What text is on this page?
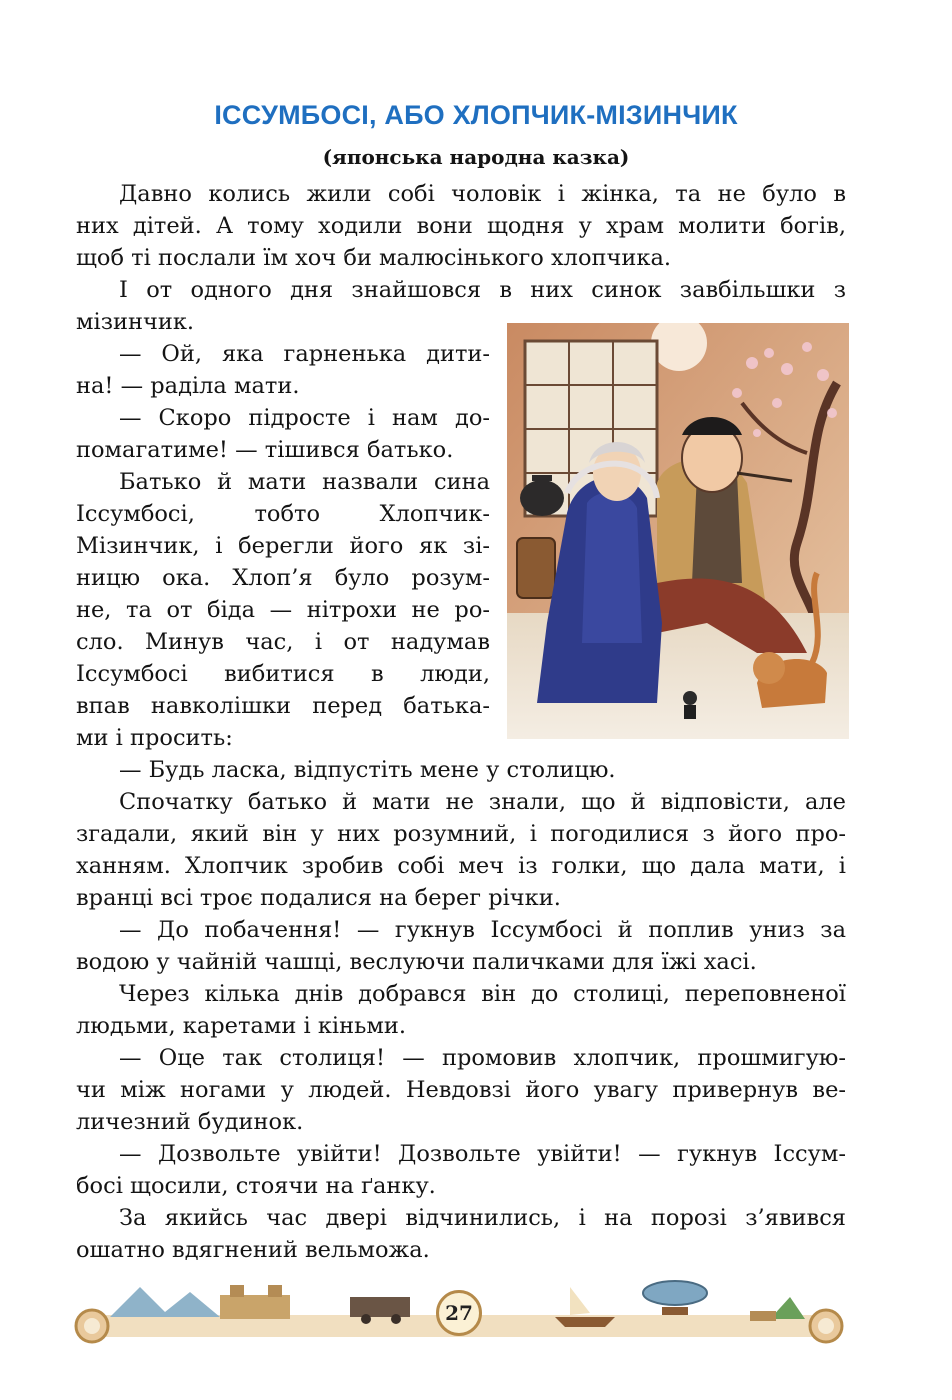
ІССУМБОСІ, АБО ХЛОПЧИК-МІЗИНЧИК
(японська народна казка)
Давно колись жили собі чоловік і жінка, та не було в
них дітей. А тому ходили вони щодня у храм молити богів,
щоб ті послали їм хоч би малюсінького хлопчика.
І от одного дня знайшовся в них синок завбільшки з
мізинчик.
— Ой, яка гарненька дити-
на! — раділа мати.
— Скоро підросте і нам до-
помагатиме! — тішився батько.
Батько й мати назвали сина
Іссумбосі, тобто Хлопчик-
Мізинчик, і берегли його як зі-
ницю ока. Хлоп’я було розум-
не, та от біда — нітрохи не ро-
сло. Минув час, і от надумав
Іссумбосі вибитися в люди,
впав навколішки перед батька-
ми і просить:
— Будь ласка, відпустіть мене у столицю.
Спочатку батько й мати не знали, що й відповісти, але
згадали, який він у них розумний, і погодилися з його про-
ханням. Хлопчик зробив собі меч із голки, що дала мати, і
вранці всі троє подалися на берег річки.
— До побачення! — гукнув Іссумбосі й поплив униз за
водою у чайній чашці, веслуючи паличками для їжі хасі.
Через кілька днів добрався він до столиці, переповненої
людьми, каретами і кіньми.
— Оце так столиця! — промовив хлопчик, прошмигую-
чи між ногами у людей. Невдовзі його увагу привернув ве-
личезний будинок.
— Дозвольте увійти! Дозвольте увійти! — гукнув Іссум-
босі щосили, стоячи на ґанку.
За якийсь час двері відчинились, і на порозі з’явився
ошатно вдягнений вельможа.
27
